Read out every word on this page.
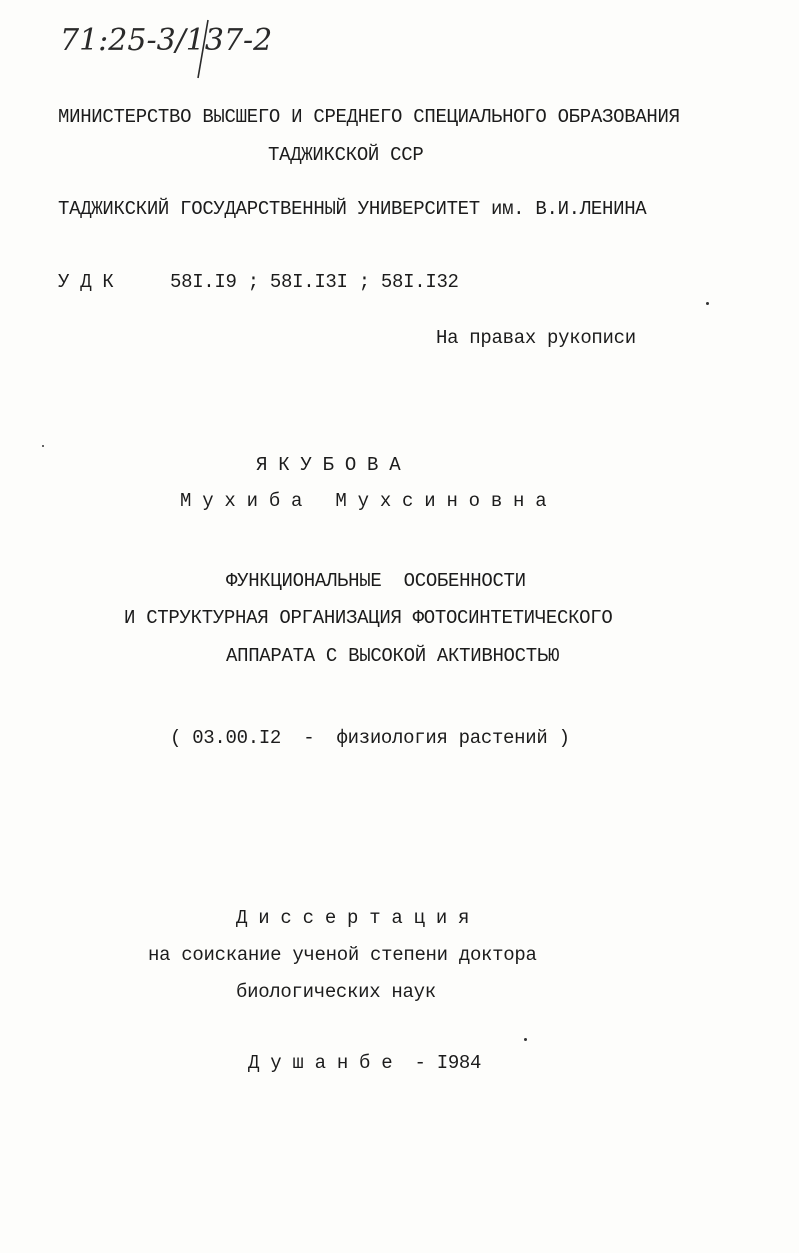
71:25-3/137-2
МИНИСТЕРСТВО ВЫСШЕГО И СРЕДНЕГО СПЕЦИАЛЬНОГО ОБРАЗОВАНИЯ
ТАДЖИКСКОЙ ССР
ТАДЖИКСКИЙ ГОСУДАРСТВЕННЫЙ УНИВЕРСИТЕТ им. В.И.ЛЕНИНА
У Д К	58I.I9 ; 58I.I3I ; 58I.I32
На правах рукописи
Я К У Б О В А
М у х и б а   М у х с и н о в н а
ФУНКЦИОНАЛЬНЫЕ  ОСОБЕННОСТИ
И СТРУКТУРНАЯ ОРГАНИЗАЦИЯ ФОТОСИНТЕТИЧЕСКОГО
АППАРАТА С ВЫСОКОЙ АКТИВНОСТЬЮ
( 03.00.I2  -  физиология растений )
Д и с с е р т а ц и я
на соискание ученой степени доктора
биологических наук
Д у ш а н б е  - I984
